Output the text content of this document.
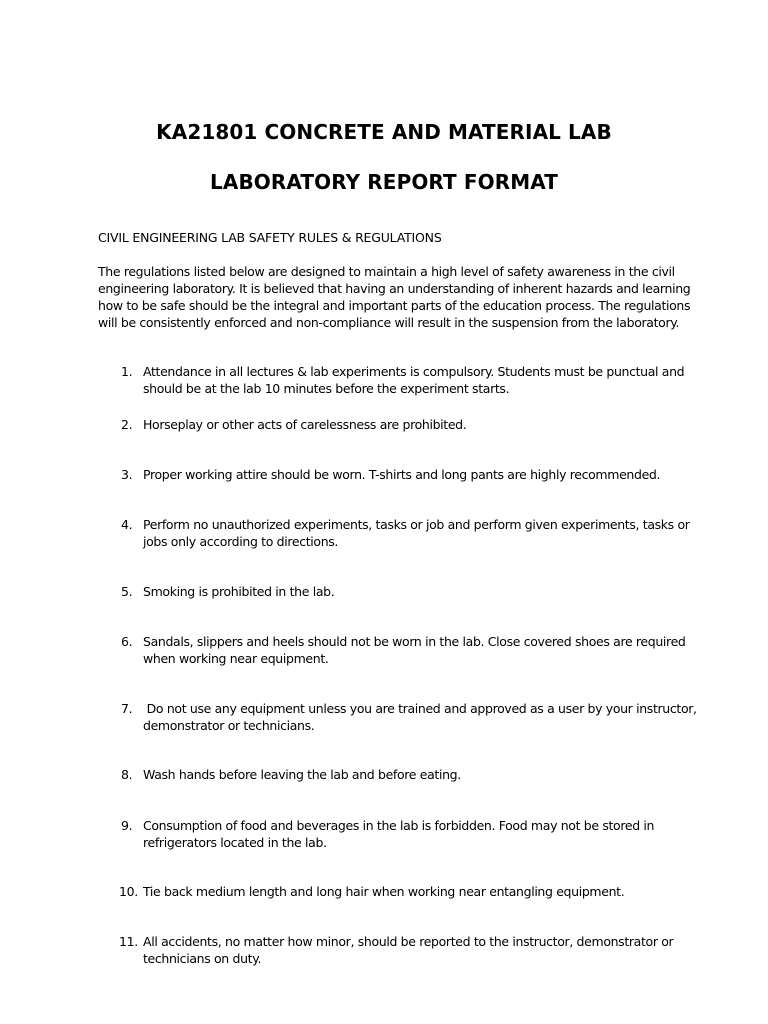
KA21801 CONCRETE AND MATERIAL LAB
LABORATORY REPORT FORMAT
CIVIL ENGINEERING LAB SAFETY RULES & REGULATIONS
The regulations listed below are designed to maintain a high level of safety awareness in the civil engineering laboratory. It is believed that having an understanding of inherent hazards and learning how to be safe should be the integral and important parts of the education process. The regulations will be consistently enforced and non-compliance will result in the suspension from the laboratory.
1. Attendance in all lectures & lab experiments is compulsory. Students must be punctual and should be at the lab 10 minutes before the experiment starts.
2. Horseplay or other acts of carelessness are prohibited.
3. Proper working attire should be worn. T-shirts and long pants are highly recommended.
4. Perform no unauthorized experiments, tasks or job and perform given experiments, tasks or jobs only according to directions.
5. Smoking is prohibited in the lab.
6. Sandals, slippers and heels should not be worn in the lab. Close covered shoes are required when working near equipment.
7. Do not use any equipment unless you are trained and approved as a user by your instructor, demonstrator or technicians.
8. Wash hands before leaving the lab and before eating.
9. Consumption of food and beverages in the lab is forbidden. Food may not be stored in refrigerators located in the lab.
10. Tie back medium length and long hair when working near entangling equipment.
11. All accidents, no matter how minor, should be reported to the instructor, demonstrator or technicians on duty.
